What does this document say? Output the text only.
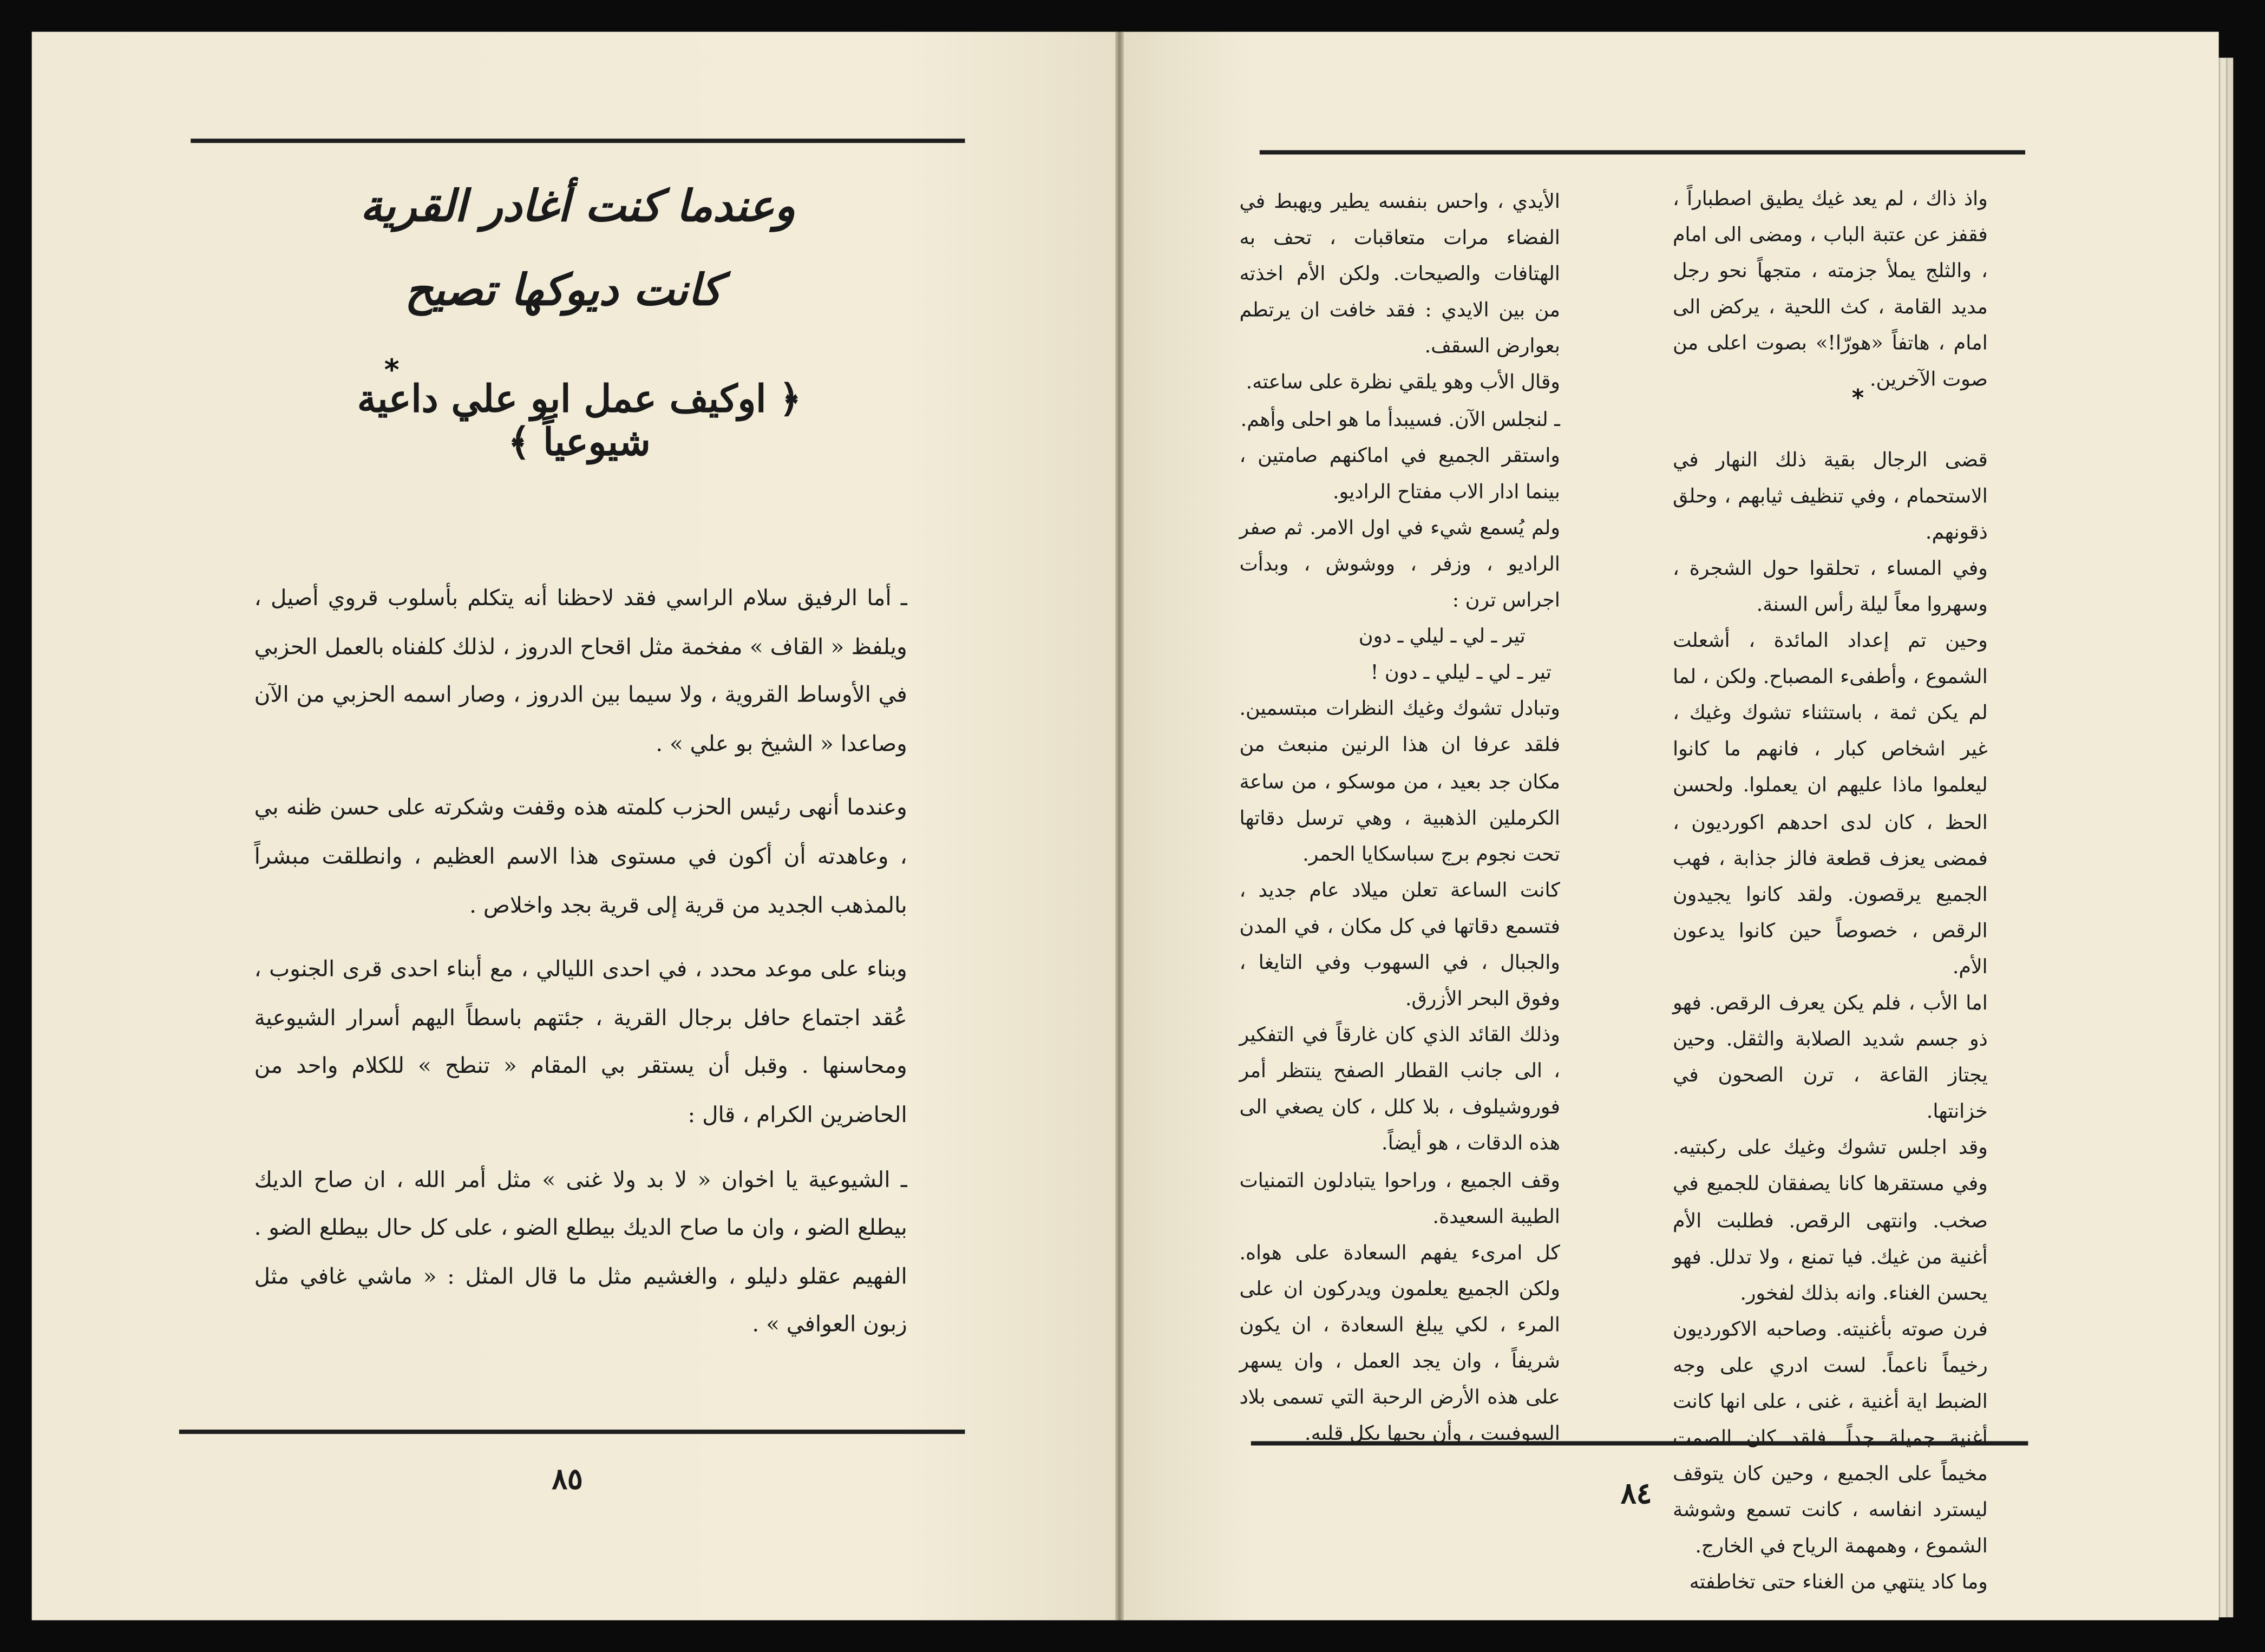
وعندما كنت أغادر القرية
كانت ديوكها تصيح
*
﴿ اوكيف عمل ابو علي داعية شيوعياً ﴾

ـ أما الرفيق سلام الراسي فقد لاحظنا أنه يتكلم بأسلوب قروي أصيل ، ويلفظ « القاف » مفخمة مثل اقحاح الدروز ، لذلك كلفناه بالعمل الحزبي في الأوساط القروية ، ولا سيما بين الدروز ، وصار اسمه الحزبي من الآن وصاعدا « الشيخ بو علي » .

وعندما أنهى رئيس الحزب كلمته هذه وقفت وشكرته على حسن ظنه بي ، وعاهدته أن أكون في مستوى هذا الاسم العظيم ، وانطلقت مبشراً بالمذهب الجديد من قرية إلى قرية بجد واخلاص .

وبناء على موعد محدد ، في احدى الليالي ، مع أبناء احدى قرى الجنوب ، عُقد اجتماع حافل برجال القرية ، جئتهم باسطاً اليهم أسرار الشيوعية ومحاسنها . وقبل أن يستقر بي المقام « تنطح » للكلام واحد من الحاضرين الكرام ، قال :

ـ الشيوعية يا اخوان « لا بد ولا غنى » مثل أمر الله ، ان صاح الديك بيطلع الضو ، وان ما صاح الديك بيطلع الضو ، على كل حال بيطلع الضو . الفهيم عقلو دليلو ، والغشيم مثل ما قال المثل : « ماشي غافي مثل زبون العوافي » .

٨٥

واذ ذاك ، لم يعد غيك يطيق اصطباراً ، فقفز عن عتبة الباب ، ومضى الى امام ، والثلج يملأ جزمته ، متجهاً نحو رجل مديد القامة ، كث اللحية ، يركض الى امام ، هاتفاً «هورّا!» بصوت اعلى من صوت الآخرين.

قضى الرجال بقية ذلك النهار في الاستحمام ، وفي تنظيف ثيابهم ، وحلق ذقونهم.

وفي المساء ، تحلقوا حول الشجرة ، وسهروا معاً ليلة رأس السنة.

وحين تم إعداد المائدة ، أشعلت الشموع ، وأطفىء المصباح. ولكن ، لما لم يكن ثمة ، باستثناء تشوك وغيك ، غير اشخاص كبار ، فانهم ما كانوا ليعلموا ماذا عليهم ان يعملوا. ولحسن الحظ ، كان لدى احدهم اكورديون ، فمضى يعزف قطعة فالز جذابة ، فهب الجميع يرقصون. ولقد كانوا يجيدون الرقص ، خصوصاً حين كانوا يدعون الأم.

اما الأب ، فلم يكن يعرف الرقص. فهو ذو جسم شديد الصلابة والثقل. وحين يجتاز القاعة ، ترن الصحون في خزانتها.

وقد اجلس تشوك وغيك على ركبتيه. وفي مستقرها كانا يصفقان للجميع في صخب. وانتهى الرقص. فطلبت الأم أغنية من غيك. فيا تمنع ، ولا تدلل. فهو يحسن الغناء. وانه بذلك لفخور.

فرن صوته بأغنيته. وصاحبه الاكورديون رخيماً ناعماً. لست ادري على وجه الضبط اية أغنية ، غنى ، على انها كانت أغنية جميلة جداً. فلقد كان الصمت مخيماً على الجميع ، وحين كان يتوقف ليسترد انفاسه ، كانت تسمع وشوشة الشموع ، وهمهمة الرياح في الخارج.

وما كاد ينتهي من الغناء حتى تخاطفته

*

الأيدي ، واحس بنفسه يطير ويهبط في الفضاء مرات متعاقبات ، تحف به الهتافات والصيحات. ولكن الأم اخذته من بين الايدي : فقد خافت ان يرتطم بعوارض السقف.

وقال الأب وهو يلقي نظرة على ساعته.

ـ لنجلس الآن. فسيبدأ ما هو احلى وأهم.

واستقر الجميع في اماكنهم صامتين ، بينما ادار الاب مفتاح الراديو.

ولم يُسمع شيء في اول الامر. ثم صفر الراديو ، وزفر ، ووشوش ، وبدأت اجراس ترن :

تير ـ لي ـ ليلي ـ دون

تير ـ لي ـ ليلي ـ دون !

وتبادل تشوك وغيك النظرات مبتسمين. فلقد عرفا ان هذا الرنين منبعث من مكان جد بعيد ، من موسكو ، من ساعة الكرملين الذهبية ، وهي ترسل دقاتها تحت نجوم برج سباسكايا الحمر.

كانت الساعة تعلن ميلاد عام جديد ، فتسمع دقاتها في كل مكان ، في المدن والجبال ، في السهوب وفي التايغا ، وفوق البحر الأزرق.

وذلك القائد الذي كان غارقاً في التفكير ، الى جانب القطار الصفح ينتظر أمر فوروشيلوف ، بلا كلل ، كان يصغي الى هذه الدقات ، هو أيضاً.

وقف الجميع ، وراحوا يتبادلون التمنيات الطيبة السعيدة.

كل امرىء يفهم السعادة على هواه. ولكن الجميع يعلمون ويدركون ان على المرء ، لكي يبلغ السعادة ، ان يكون شريفاً ، وان يجد العمل ، وان يسهر على هذه الأرض الرحبة التي تسمى بلاد السوفييت ، وأن يحبها بكل قلبه.

٨٤
